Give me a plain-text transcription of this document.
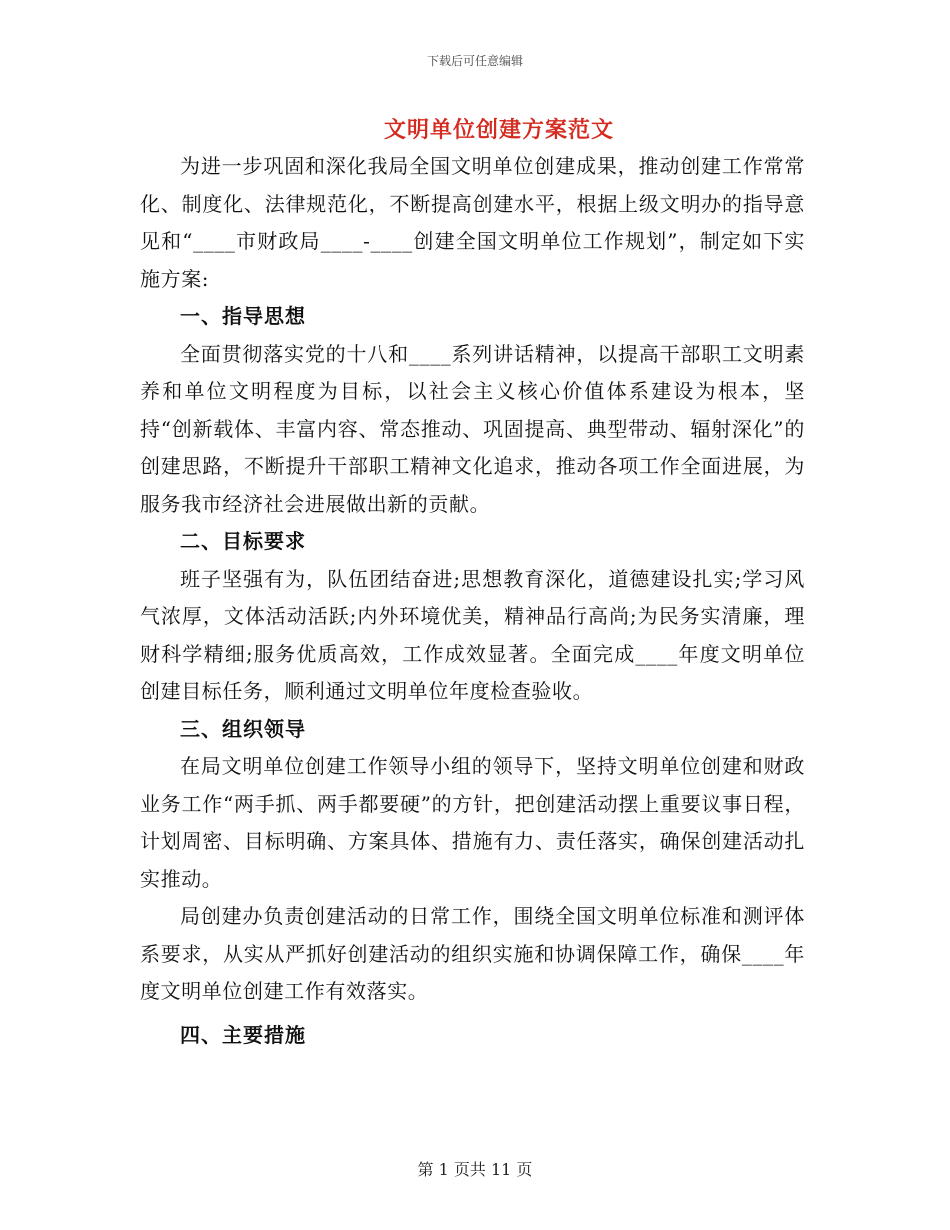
下载后可任意编辑
文明单位创建方案范文

为进一步巩固和深化我局全国文明单位创建成果，推动创建工作常常化、制度化、法律规范化，不断提高创建水平，根据上级文明办的指导意见和“____市财政局____-____创建全国文明单位工作规划”，制定如下实施方案:

一、指导思想

全面贯彻落实党的十八和____系列讲话精神，以提高干部职工文明素养和单位文明程度为目标，以社会主义核心价值体系建设为根本，坚持“创新载体、丰富内容、常态推动、巩固提高、典型带动、辐射深化”的创建思路，不断提升干部职工精神文化追求，推动各项工作全面进展，为服务我市经济社会进展做出新的贡献。

二、目标要求

班子坚强有为，队伍团结奋进;思想教育深化，道德建设扎实;学习风气浓厚，文体活动活跃;内外环境优美，精神品行高尚;为民务实清廉，理财科学精细;服务优质高效，工作成效显著。全面完成____年度文明单位创建目标任务，顺利通过文明单位年度检查验收。

三、组织领导

在局文明单位创建工作领导小组的领导下，坚持文明单位创建和财政业务工作“两手抓、两手都要硬”的方针，把创建活动摆上重要议事日程，计划周密、目标明确、方案具体、措施有力、责任落实，确保创建活动扎实推动。

局创建办负责创建活动的日常工作，围绕全国文明单位标准和测评体系要求，从实从严抓好创建活动的组织实施和协调保障工作，确保____年度文明单位创建工作有效落实。

四、主要措施

第 1 页共 11 页
